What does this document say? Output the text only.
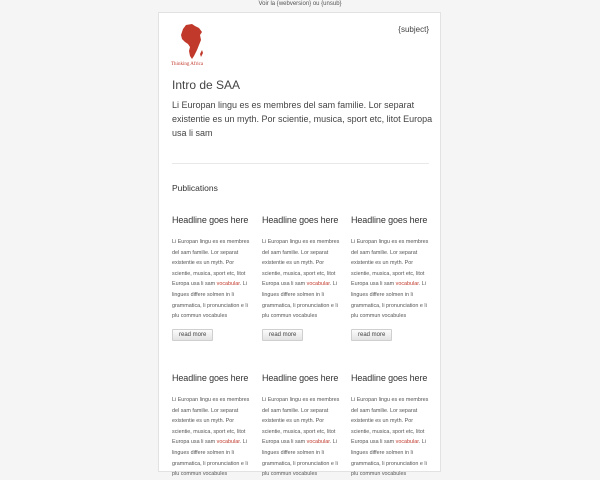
Voir la {webversion} ou {unsub}
Thinking Africa
{subject}
Intro de SAA
Li Europan lingu es es membres del sam familie. Lor separat existentie es un myth. Por scientie, musica, sport etc, litot Europa usa li sam
Publications

Headline goes here

Li Europan lingu es es membres del sam familie. Lor separat existentie es un myth. Por scientie, musica, sport etc, litot Europa usa li sam vocabular. Li lingues differe solmen in li grammatica, li pronunciation e li plu commun vocabules
read more

Headline goes here

Li Europan lingu es es membres del sam familie. Lor separat existentie es un myth. Por scientie, musica, sport etc, litot Europa usa li sam vocabular. Li lingues differe solmen in li grammatica, li pronunciation e li plu commun vocabules
read more

Headline goes here

Li Europan lingu es es membres del sam familie. Lor separat existentie es un myth. Por scientie, musica, sport etc, litot Europa usa li sam vocabular. Li lingues differe solmen in li grammatica, li pronunciation e li plu commun vocabules
read more

Headline goes here

Li Europan lingu es es membres del sam familie. Lor separat existentie es un myth. Por scientie, musica, sport etc, litot Europa usa li sam vocabular. Li lingues differe solmen in li grammatica, li pronunciation e li plu commun vocabules

Headline goes here

Li Europan lingu es es membres del sam familie. Lor separat existentie es un myth. Por scientie, musica, sport etc, litot Europa usa li sam vocabular. Li lingues differe solmen in li grammatica, li pronunciation e li plu commun vocabules

Headline goes here

Li Europan lingu es es membres del sam familie. Lor separat existentie es un myth. Por scientie, musica, sport etc, litot Europa usa li sam vocabular. Li lingues differe solmen in li grammatica, li pronunciation e li plu commun vocabules
